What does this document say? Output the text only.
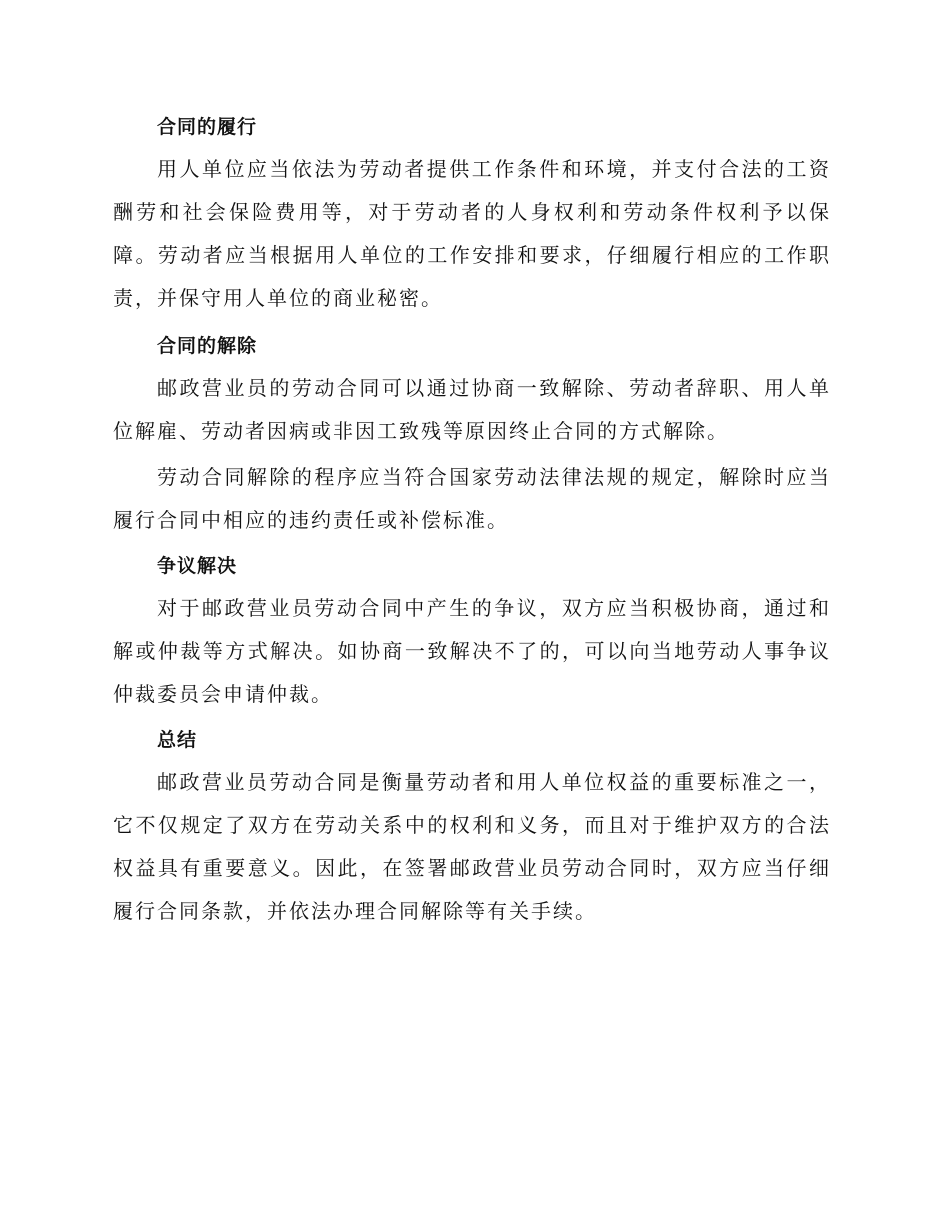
合同的履行

用人单位应当依法为劳动者提供工作条件和环境，并支付合法的工资酬劳和社会保险费用等，对于劳动者的人身权利和劳动条件权利予以保障。劳动者应当根据用人单位的工作安排和要求，仔细履行相应的工作职责，并保守用人单位的商业秘密。

合同的解除

邮政营业员的劳动合同可以通过协商一致解除、劳动者辞职、用人单位解雇、劳动者因病或非因工致残等原因终止合同的方式解除。

劳动合同解除的程序应当符合国家劳动法律法规的规定，解除时应当履行合同中相应的违约责任或补偿标准。

争议解决

对于邮政营业员劳动合同中产生的争议，双方应当积极协商，通过和解或仲裁等方式解决。如协商一致解决不了的，可以向当地劳动人事争议仲裁委员会申请仲裁。

总结

邮政营业员劳动合同是衡量劳动者和用人单位权益的重要标准之一，它不仅规定了双方在劳动关系中的权利和义务，而且对于维护双方的合法权益具有重要意义。因此，在签署邮政营业员劳动合同时，双方应当仔细履行合同条款，并依法办理合同解除等有关手续。
